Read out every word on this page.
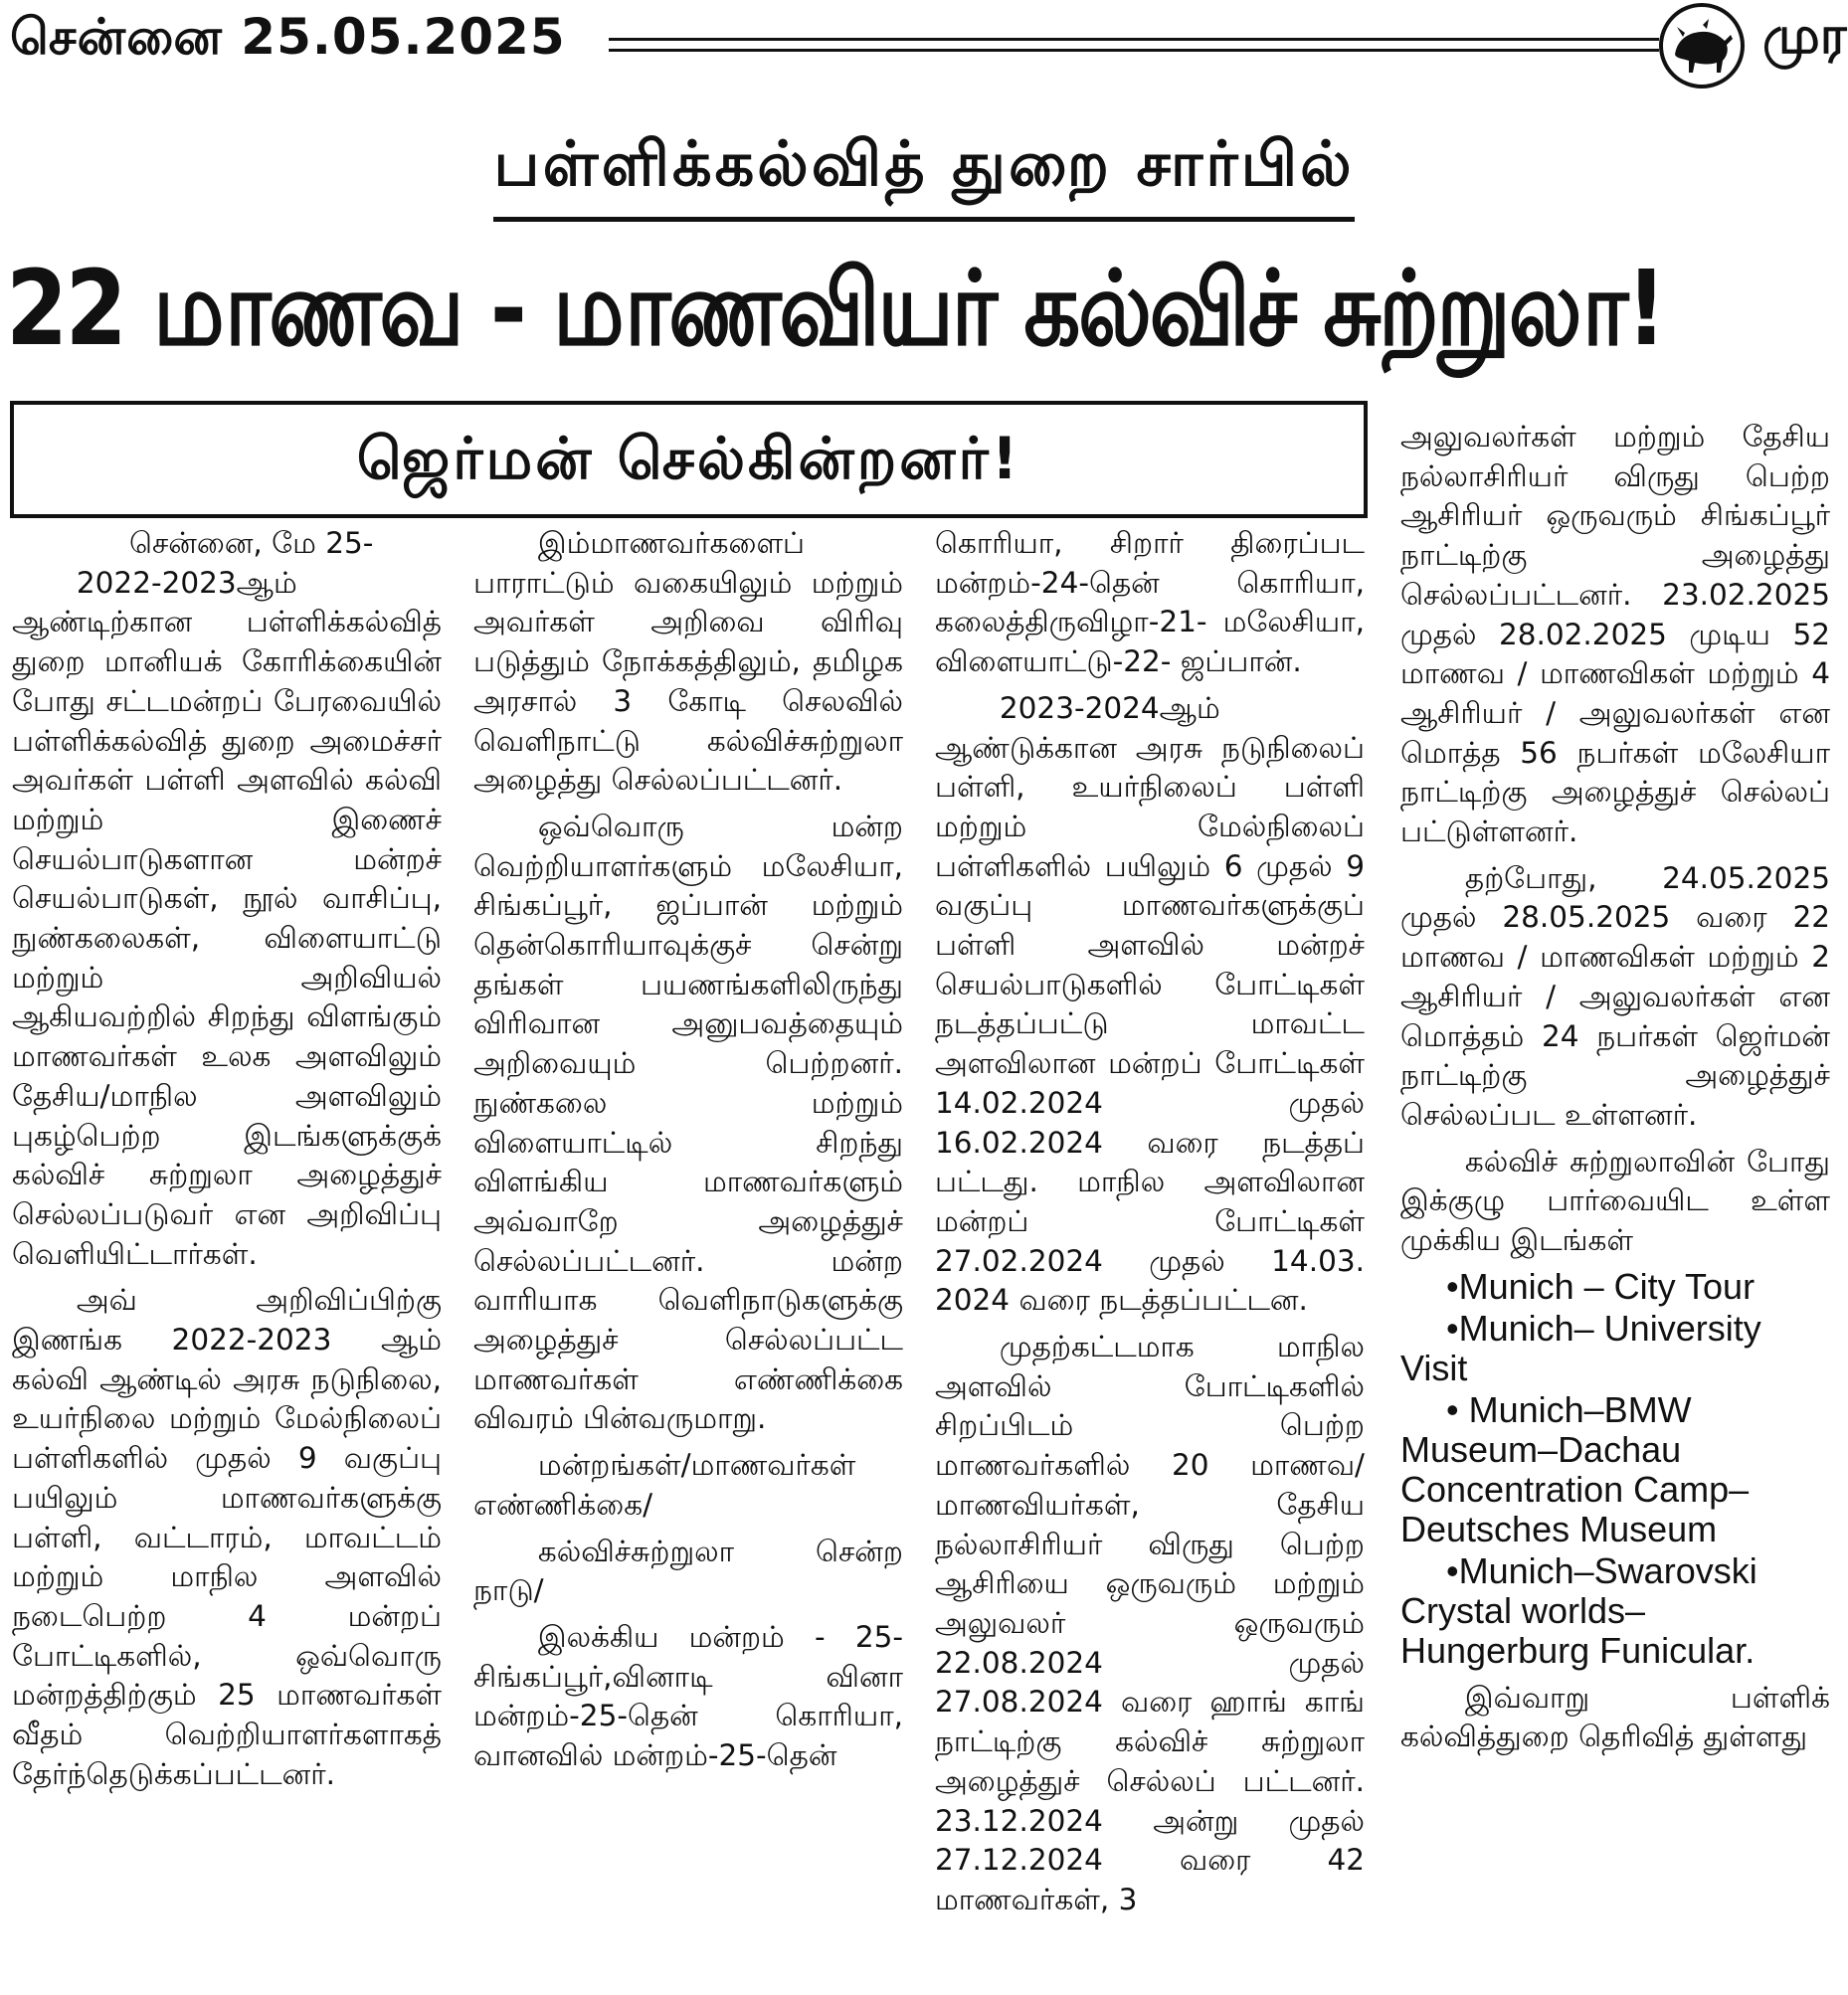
சென்னை 25.05.2025	முர
பள்ளிக்கல்வித் துறை சார்பில்
22 மாணவ - மாணவியர் கல்விச் சுற்றுலா!
ஜெர்மன் செல்கின்றனர்!

சென்னை, மே 25-

2022-2023ஆம் ஆண்டிற்கான பள்ளிக்கல்வித் துறை மானியக் கோரிக்கையின் போது சட்டமன்றப் பேரவையில் பள்ளிக்கல்வித் துறை அமைச்சர் அவர்கள் பள்ளி அளவில் கல்வி மற்றும் இணைச் செயல்பாடுகளான மன்றச் செயல்பாடுகள், நூல் வாசிப்பு, நுண்கலைகள், விளையாட்டு மற்றும் அறிவியல் ஆகியவற்றில் சிறந்து விளங்கும் மாணவர்கள் உலக அளவிலும் தேசிய/மாநில அளவிலும் புகழ்பெற்ற இடங்களுக்குக் கல்விச் சுற்றுலா அழைத்துச் செல்லப்படுவர் என அறிவிப்பு வெளியிட்டார்கள்.

அவ் அறிவிப்பிற்கு இணங்க 2022-2023 ஆம் கல்வி ஆண்டில் அரசு நடுநிலை, உயர்நிலை மற்றும் மேல்நிலைப் பள்ளிகளில் முதல் 9 வகுப்பு பயிலும் மாணவர்களுக்கு பள்ளி, வட்டாரம், மாவட்டம் மற்றும் மாநில அளவில் நடைபெற்ற 4 மன்றப் போட்டிகளில், ஒவ்வொரு மன்றத்திற்கும் 25 மாணவர்கள் வீதம் வெற்றியாளர்களாகத் தேர்ந்தெடுக்கப்பட்டனர்.

இம்மாணவர்களைப் பாராட்டும் வகையிலும் மற்றும் அவர்கள் அறிவை விரிவு படுத்தும் நோக்கத்திலும், தமிழக அரசால் 3 கோடி செலவில் வெளிநாட்டு கல்விச்சுற்றுலா அழைத்து செல்லப்பட்டனர்.

ஒவ்வொரு மன்ற வெற்றியாளர்களும் மலேசியா, சிங்கப்பூர், ஜப்பான் மற்றும் தென்கொரியாவுக்குச் சென்று தங்கள் பயணங்களிலிருந்து விரிவான அனுபவத்தையும் அறிவையும் பெற்றனர். நுண்கலை மற்றும் விளையாட்டில் சிறந்து விளங்கிய மாணவர்களும் அவ்வாறே அழைத்துச் செல்லப்பட்டனர். மன்ற வாரியாக வெளிநாடுகளுக்கு அழைத்துச் செல்லப்பட்ட மாணவர்கள் எண்ணிக்கை விவரம் பின்வருமாறு.

மன்றங்கள்/மாணவர்கள் எண்ணிக்கை/

கல்விச்சுற்றுலா சென்ற நாடு/

இலக்கிய மன்றம் - 25- சிங்கப்பூர்,வினாடி வினா மன்றம்-25-தென் கொரியா, வானவில் மன்றம்-25-தென்

கொரியா, சிறார் திரைப்பட மன்றம்-24-தென் கொரியா, கலைத்திருவிழா-21- மலேசியா, விளையாட்டு-22- ஜப்பான்.

2023-2024ஆம் ஆண்டுக்கான அரசு நடுநிலைப் பள்ளி, உயர்நிலைப் பள்ளி மற்றும் மேல்நிலைப் பள்ளிகளில் பயிலும் 6 முதல் 9 வகுப்பு மாணவர்களுக்குப் பள்ளி அளவில் மன்றச் செயல்பாடுகளில் போட்டிகள் நடத்தப்பட்டு மாவட்ட அளவிலான மன்றப் போட்டிகள் 14.02.2024 முதல் 16.02.2024 வரை நடத்தப் பட்டது. மாநில அளவிலான மன்றப் போட்டிகள் 27.02.2024 முதல் 14.03. 2024 வரை நடத்தப்பட்டன.

முதற்கட்டமாக மாநில அளவில் போட்டிகளில் சிறப்பிடம் பெற்ற மாணவர்களில் 20 மாணவ/மாணவியர்கள், தேசிய நல்லாசிரியர் விருது பெற்ற ஆசிரியை ஒருவரும் மற்றும் அலுவலர் ஒருவரும் 22.08.2024 முதல் 27.08.2024 வரை ஹாங் காங் நாட்டிற்கு கல்விச் சுற்றுலா அழைத்துச் செல்லப் பட்டனர். 23.12.2024 அன்று முதல் 27.12.2024 வரை 42 மாணவர்கள், 3

அலுவலர்கள் மற்றும் தேசிய நல்லாசிரியர் விருது பெற்ற ஆசிரியர் ஒருவரும் சிங்கப்பூர் நாட்டிற்கு அழைத்து செல்லப்பட்டனர். 23.02.2025 முதல் 28.02.2025 முடிய 52 மாணவ / மாணவிகள் மற்றும் 4 ஆசிரியர் / அலுவலர்கள் என மொத்த 56 நபர்கள் மலேசியா நாட்டிற்கு அழைத்துச் செல்லப் பட்டுள்ளனர்.

தற்போது, 24.05.2025 முதல் 28.05.2025 வரை 22 மாணவ / மாணவிகள் மற்றும் 2 ஆசிரியர் / அலுவலர்கள் என மொத்தம் 24 நபர்கள் ஜெர்மன் நாட்டிற்கு அழைத்துச் செல்லப்பட உள்ளனர்.

கல்விச் சுற்றுலாவின் போது இக்குழு பார்வையிட உள்ள முக்கிய இடங்கள்

•Munich – City Tour
•Munich– University Visit
• Munich–BMW Museum–Dachau Concentration Camp–Deutsches Museum
•Munich–Swarovski Crystal worlds–Hungerburg Funicular.

இவ்வாறு பள்ளிக் கல்வித்துறை தெரிவித் துள்ளது
